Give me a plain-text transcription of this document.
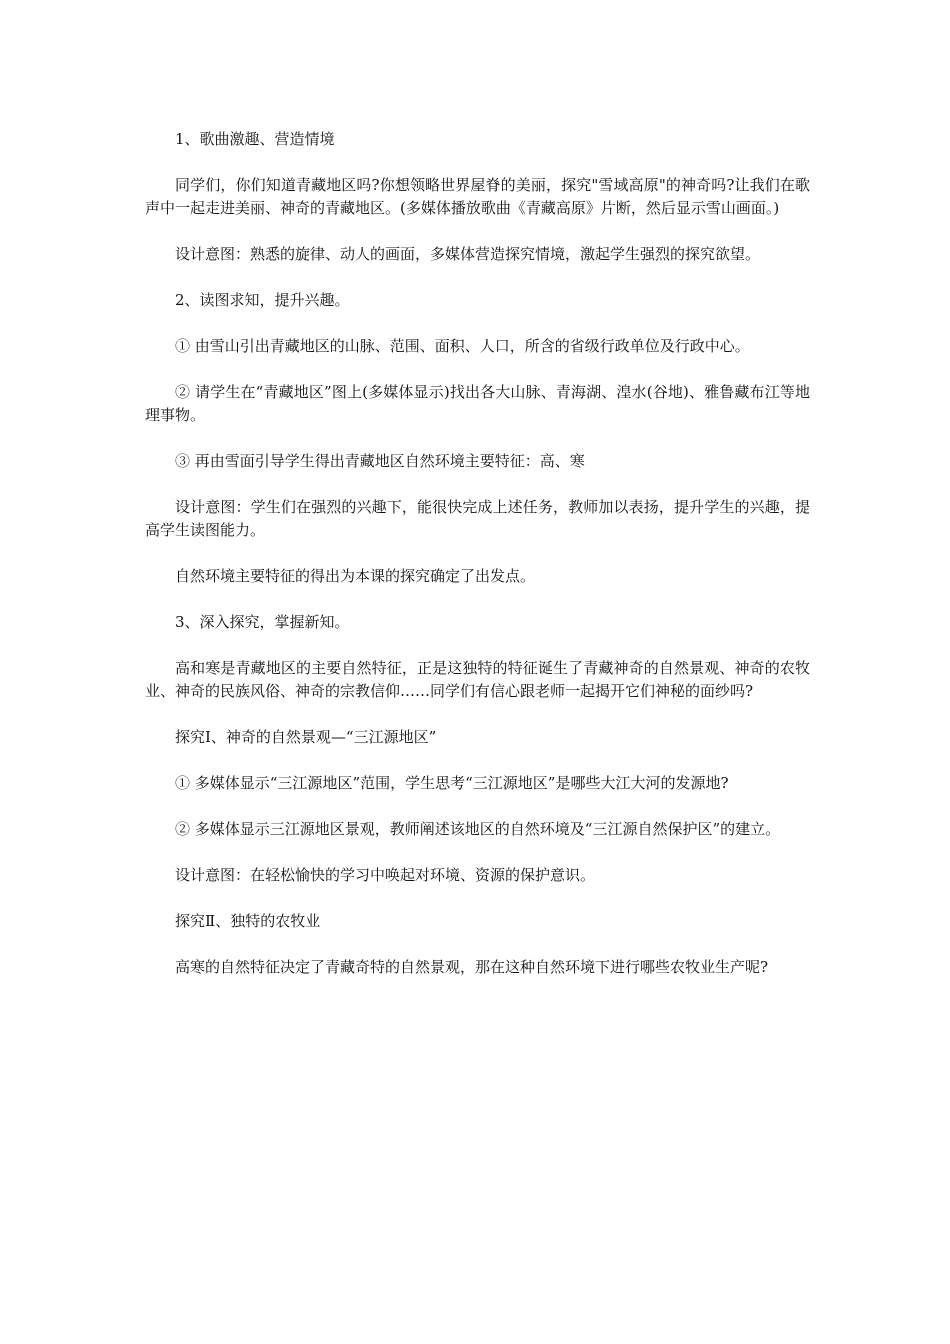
1、歌曲激趣、营造情境

同学们，你们知道青藏地区吗?你想领略世界屋脊的美丽，探究"雪域高原"的神奇吗?让我们在歌声中一起走进美丽、神奇的青藏地区。(多媒体播放歌曲《青藏高原》片断，然后显示雪山画面。)

设计意图：熟悉的旋律、动人的画面，多媒体营造探究情境，激起学生强烈的探究欲望。

2、读图求知，提升兴趣。

① 由雪山引出青藏地区的山脉、范围、面积、人口，所含的省级行政单位及行政中心。

② 请学生在“青藏地区”图上(多媒体显示)找出各大山脉、青海湖、湟水(谷地)、雅鲁藏布江等地理事物。

③ 再由雪面引导学生得出青藏地区自然环境主要特征：高、寒

设计意图：学生们在强烈的兴趣下，能很快完成上述任务，教师加以表扬，提升学生的兴趣，提高学生读图能力。

自然环境主要特征的得出为本课的探究确定了出发点。

3、深入探究，掌握新知。

高和寒是青藏地区的主要自然特征，正是这独特的特征诞生了青藏神奇的自然景观、神奇的农牧业、神奇的民族风俗、神奇的宗教信仰……同学们有信心跟老师一起揭开它们神秘的面纱吗?

探究Ⅰ、神奇的自然景观—“三江源地区”

① 多媒体显示“三江源地区”范围，学生思考“三江源地区”是哪些大江大河的发源地?

② 多媒体显示三江源地区景观，教师阐述该地区的自然环境及“三江源自然保护区”的建立。

设计意图：在轻松愉快的学习中唤起对环境、资源的保护意识。

探究Ⅱ、独特的农牧业

高寒的自然特征决定了青藏奇特的自然景观，那在这种自然环境下进行哪些农牧业生产呢?
